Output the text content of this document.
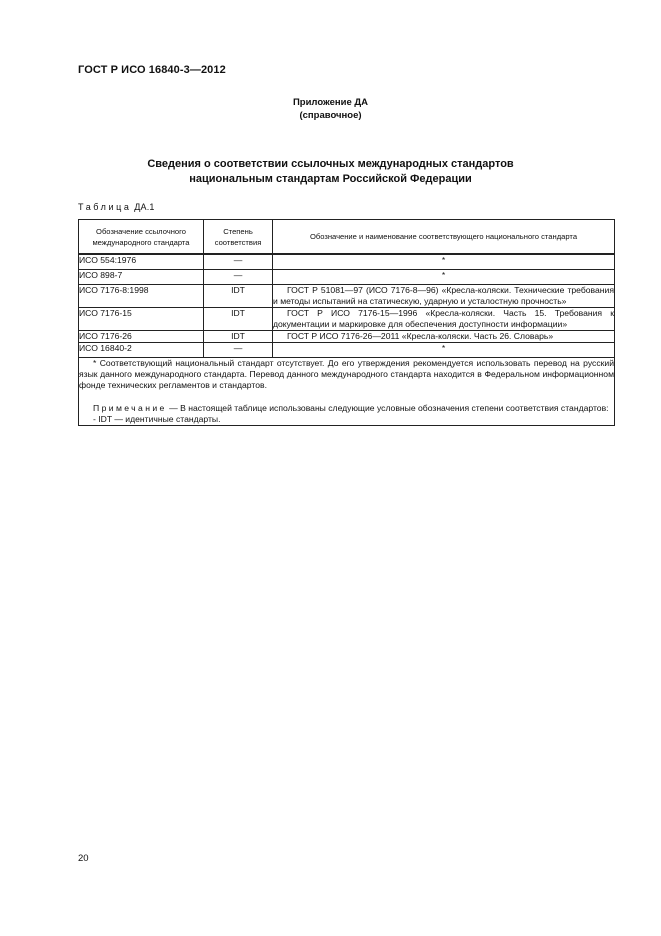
ГОСТ Р ИСО 16840-3—2012
Приложение ДА
(справочное)
Сведения о соответствии ссылочных международных стандартов
национальным стандартам Российской Федерации
Таблица ДА.1
Обозначение ссылочного международного стандарта	Степень соответствия	Обозначение и наименование соответствующего национального стандарта
ИСО 554:1976	—	*
ИСО 898-7	—	*
ИСО 7176-8:1998	IDT	ГОСТ Р 51081—97 (ИСО 7176-8—96) «Кресла-коляски. Технические требования и методы испытаний на статическую, ударную и усталостную прочность»
ИСО 7176-15	IDT	ГОСТ Р ИСО 7176-15—1996 «Кресла-коляски. Часть 15. Требования к документации и маркировке для обеспечения доступности информации»
ИСО 7176-26	IDT	ГОСТ Р ИСО 7176-26—2011 «Кресла-коляски. Часть 26. Словарь»
ИСО 16840-2	—	*

* Соответствующий национальный стандарт отсутствует. До его утверждения рекомендуется использовать перевод на русский язык данного международного стандарта. Перевод данного международного стандарта находится в Федеральном информационном фонде технических регламентов и стандартов.

Примечание — В настоящей таблице использованы следующие условные обозначения степени соответствия стандартов:

- IDT — идентичные стандарты.		

20
